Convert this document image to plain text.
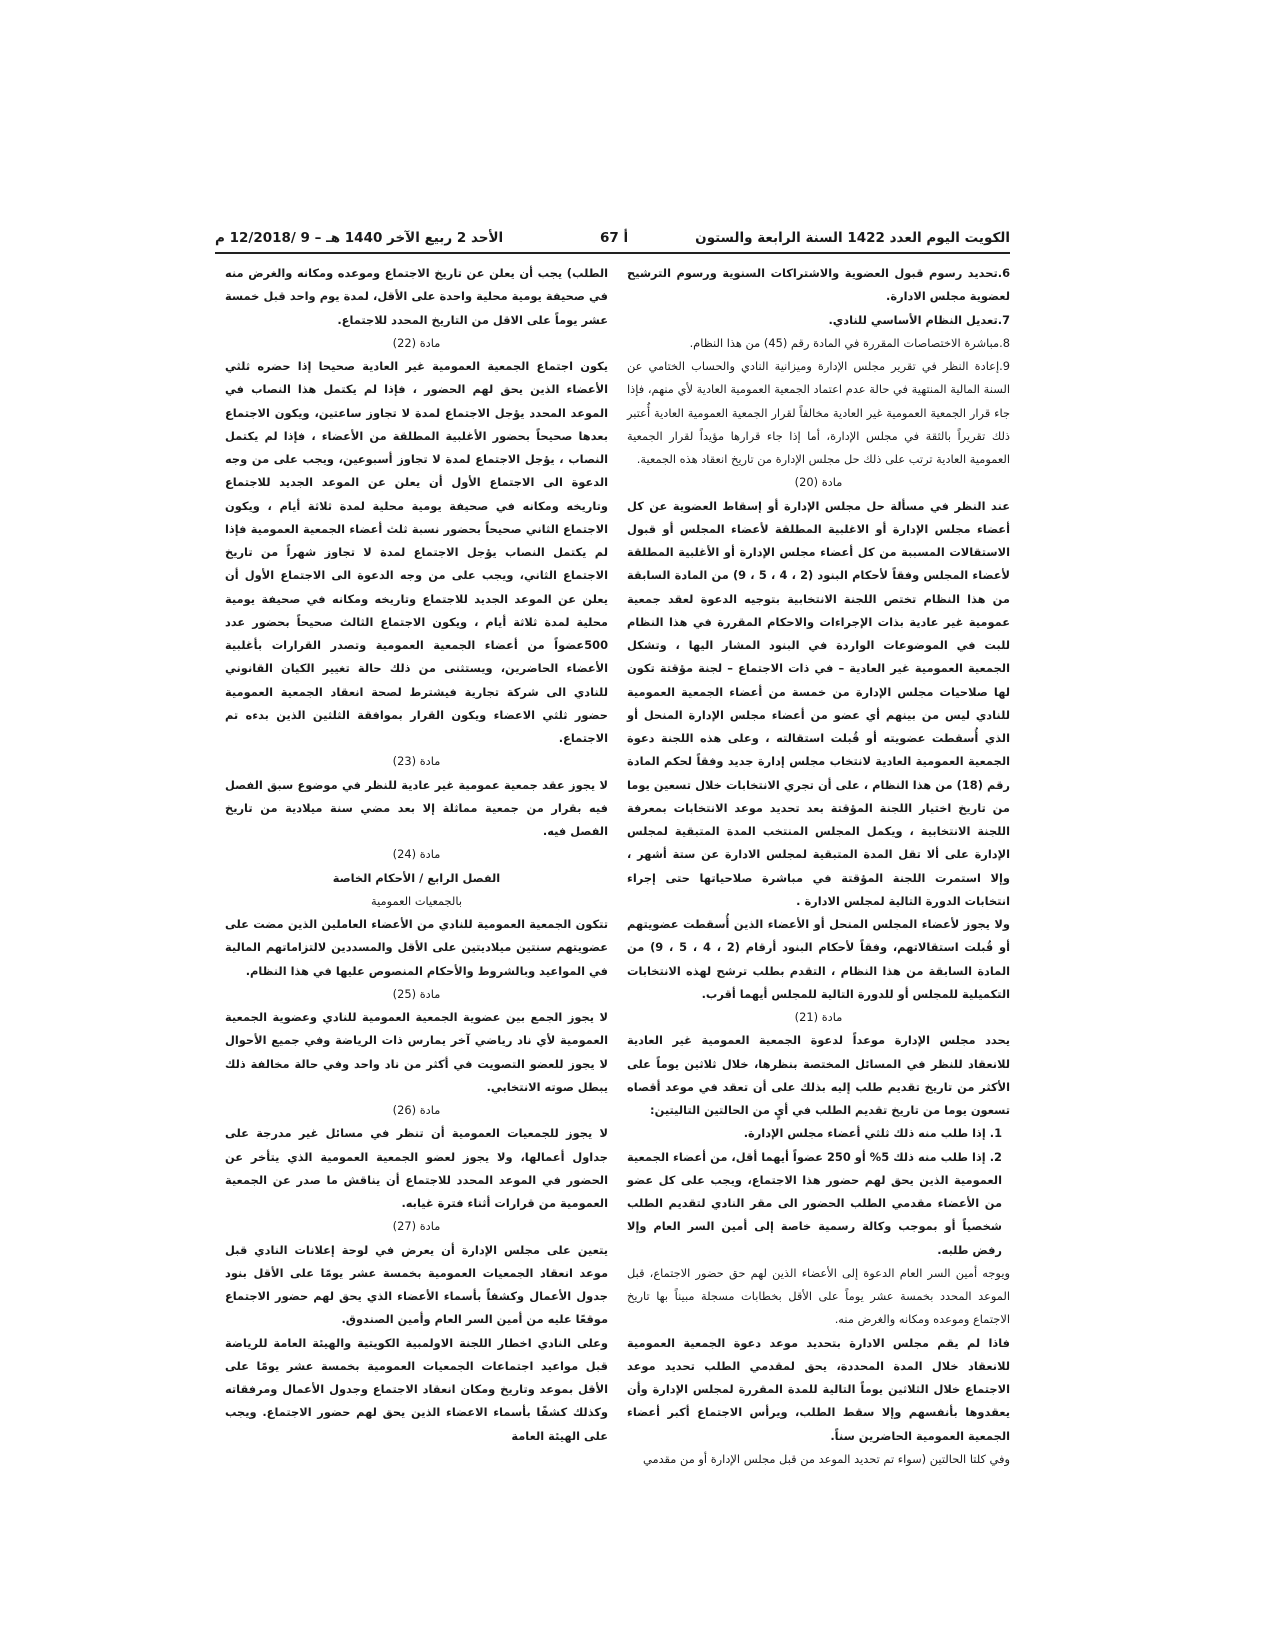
الكويت اليوم العدد 1422 السنة الرابعة والستون
أ 67
الأحد 2 ربيع الآخر 1440 هـ – 9 /12/2018 م

6.تحديد رسوم قبول العضوية والاشتراكات السنوية ورسوم الترشيح لعضوية مجلس الادارة.

7.تعديل النظام الأساسي للنادي.

8.مباشرة الاختصاصات المقررة في المادة رقم (45) من هذا النظام.

9.إعادة النظر في تقرير مجلس الإدارة وميزانية النادي والحساب الختامي عن السنة المالية المنتهية في حالة عدم اعتماد الجمعية العمومية العادية لأي منهم، فإذا جاء قرار الجمعية العمومية غير العادية مخالفاً لقرار الجمعية العمومية العادية أُعتبر ذلك تقريراً بالثقة في مجلس الإدارة، أما إذا جاء قرارها مؤيداً لقرار الجمعية العمومية العادية ترتب على ذلك حل مجلس الإدارة من تاريخ انعقاد هذه الجمعية.

مادة (20)

عند النظر في مسألة حل مجلس الإدارة أو إسقاط العضوية عن كل أعضاء مجلس الإدارة أو الاغلبية المطلقة لأعضاء المجلس أو قبول الاستقالات المسببة من كل أعضاء مجلس الإدارة أو الأغلبية المطلقة لأعضاء المجلس وفقاً لأحكام البنود (2 ، 4 ، 5 ، 9) من المادة السابقة من هذا النظام تختص اللجنة الانتخابية بتوجيه الدعوة لعقد جمعية عمومية غير عادية بذات الإجراءات والاحكام المقررة في هذا النظام للبت في الموضوعات الواردة في البنود المشار اليها ، وتشكل الجمعية العمومية غير العادية – في ذات الاجتماع – لجنة مؤقتة تكون لها صلاحيات مجلس الإدارة من خمسة من أعضاء الجمعية العمومية للنادي ليس من بينهم أي عضو من أعضاء مجلس الإدارة المنحل أو الذي أُسقطت عضويته أو قُبلت استقالته ، وعلى هذه اللجنة دعوة الجمعية العمومية العادية لانتخاب مجلس إدارة جديد وفقاً لحكم المادة رقم (18) من هذا النظام ، على أن تجري الانتخابات خلال تسعين يوما من تاريخ اختيار اللجنة المؤقتة بعد تحديد موعد الانتخابات بمعرفة اللجنة الانتخابية ، ويكمل المجلس المنتخب المدة المتبقية لمجلس الإدارة على ألا تقل المدة المتبقية لمجلس الادارة عن ستة أشهر ، وإلا استمرت اللجنة المؤقتة في مباشرة صلاحياتها حتى إجراء انتخابات الدورة التالية لمجلس الادارة .

ولا يجوز لأعضاء المجلس المنحل أو الأعضاء الذين أُسقطت عضويتهم أو قُبلت استقالاتهم، وفقاً لأحكام البنود أرقام (2 ، 4 ، 5 ، 9) من المادة السابقة من هذا النظام ، التقدم بطلب ترشح لهذه الانتخابات التكميلية للمجلس أو للدورة التالية للمجلس أيهما أقرب.

مادة (21)

يحدد مجلس الإدارة موعداً لدعوة الجمعية العمومية غير العادية للانعقاد للنظر في المسائل المختصة بنظرها، خلال ثلاثين يوماً على الأكثر من تاريخ تقديم طلب إليه بذلك على أن تعقد في موعد أقصاه تسعون يوما من تاريخ تقديم الطلب في أيٍ من الحالتين التاليتين:

1. إذا طلب منه ذلك ثلثي أعضاء مجلس الإدارة.

2. إذا طلب منه ذلك 5% أو 250 عضواً أيهما أقل، من أعضاء الجمعية العمومية الذين يحق لهم حضور هذا الاجتماع، ويجب على كل عضو من الأعضاء مقدمي الطلب الحضور الى مقر النادي لتقديم الطلب شخصياً أو بموجب وكالة رسمية خاصة إلى أمين السر العام وإلا رفض طلبه.

ويوجه أمين السر العام الدعوة إلى الأعضاء الذين لهم حق حضور الاجتماع، قبل الموعد المحدد بخمسة عشر يوماً على الأقل بخطابات مسجلة مبيناً بها تاريخ الاجتماع وموعده ومكانه والغرض منه.

فاذا لم يقم مجلس الادارة بتحديد موعد دعوة الجمعية العمومية للانعقاد خلال المدة المحددة، يحق لمقدمي الطلب تحديد موعد الاجتماع خلال الثلاثين يوماً التالية للمدة المقررة لمجلس الإدارة وأن يعقدوها بأنفسهم وإلا سقط الطلب، ويرأس الاجتماع أكبر أعضاء الجمعية العمومية الحاضرين سناً.

وفي كلتا الحالتين (سواء تم تحديد الموعد من قبل مجلس الإدارة أو من مقدمي

الطلب) يجب أن يعلن عن تاريخ الاجتماع وموعده ومكانه والغرض منه في صحيفة يومية محلية واحدة على الأقل، لمدة يوم واحد قبل خمسة عشر يوماً على الاقل من التاريخ المحدد للاجتماع.

مادة (22)

يكون اجتماع الجمعية العمومية غير العادية صحيحا إذا حضره ثلثي الأعضاء الذين يحق لهم الحضور ، فإذا لم يكتمل هذا النصاب في الموعد المحدد يؤجل الاجتماع لمدة لا تجاوز ساعتين، ويكون الاجتماع بعدها صحيحاً بحضور الأغلبية المطلقة من الأعضاء ، فإذا لم يكتمل النصاب ، يؤجل الاجتماع لمدة لا تجاوز أسبوعين، ويجب على من وجه الدعوة الى الاجتماع الأول أن يعلن عن الموعد الجديد للاجتماع وتاريخه ومكانه في صحيفة يومية محلية لمدة ثلاثة أيام ، ويكون الاجتماع الثاني صحيحاً بحضور نسبة ثلث أعضاء الجمعية العمومية فإذا لم يكتمل النصاب يؤجل الاجتماع لمدة لا تجاوز شهراً من تاريخ الاجتماع الثاني، ويجب على من وجه الدعوة الى الاجتماع الأول أن يعلن عن الموعد الجديد للاجتماع وتاريخه ومكانه في صحيفة يومية محلية لمدة ثلاثة أيام ، ويكون الاجتماع الثالث صحيحاً بحضور عدد 500عضواً من أعضاء الجمعية العمومية وتصدر القرارات بأغلبية الأعضاء الحاضرين، ويستثنى من ذلك حالة تغيير الكيان القانوني للنادي الى شركة تجارية فيشترط لصحة انعقاد الجمعية العمومية حضور ثلثي الاعضاء ويكون القرار بموافقة الثلثين الذين بدءه تم الاجتماع.

مادة (23)

لا يجوز عقد جمعية عمومية غير عادية للنظر في موضوع سبق الفصل فيه بقرار من جمعية مماثلة إلا بعد مضي سنة ميلادية من تاريخ الفصل فيه.

مادة (24)

الفصل الرابع / الأحكام الخاصة

بالجمعيات العمومية

تتكون الجمعية العمومية للنادي من الأعضاء العاملين الذين مضت على عضويتهم سنتين ميلاديتين على الأقل والمسددين لالتزاماتهم المالية في المواعيد وبالشروط والأحكام المنصوص عليها في هذا النظام.

مادة (25)

لا يجوز الجمع بين عضوية الجمعية العمومية للنادي وعضوية الجمعية العمومية لأي ناد رياضي آخر يمارس ذات الرياضة وفي جميع الأحوال لا يجوز للعضو التصويت في أكثر من ناد واحد وفي حالة مخالفة ذلك يبطل صوته الانتخابي.

مادة (26)

لا يجوز للجمعيات العمومية أن تنظر في مسائل غير مدرجة على جداول أعمالها، ولا يجوز لعضو الجمعية العمومية الذي يتأخر عن الحضور في الموعد المحدد للاجتماع أن يناقش ما صدر عن الجمعية العمومية من قرارات أثناء فترة غيابه.

مادة (27)

يتعين على مجلس الإدارة أن يعرض في لوحة إعلانات النادي قبل موعد انعقاد الجمعيات العمومية بخمسة عشر يومًا على الأقل بنود جدول الأعمال وكشفاً بأسماء الأعضاء الذي يحق لهم حضور الاجتماع موقعًا عليه من أمين السر العام وأمين الصندوق.

وعلى النادي اخطار اللجنة الاولمبية الكويتية والهيئة العامة للرياضة قبل مواعيد اجتماعات الجمعيات العمومية بخمسة عشر يومًا على الأقل بموعد وتاريخ ومكان انعقاد الاجتماع وجدول الأعمال ومرفقاته وكذلك كشفًا بأسماء الاعضاء الذين يحق لهم حضور الاجتماع. ويجب على الهيئة العامة
